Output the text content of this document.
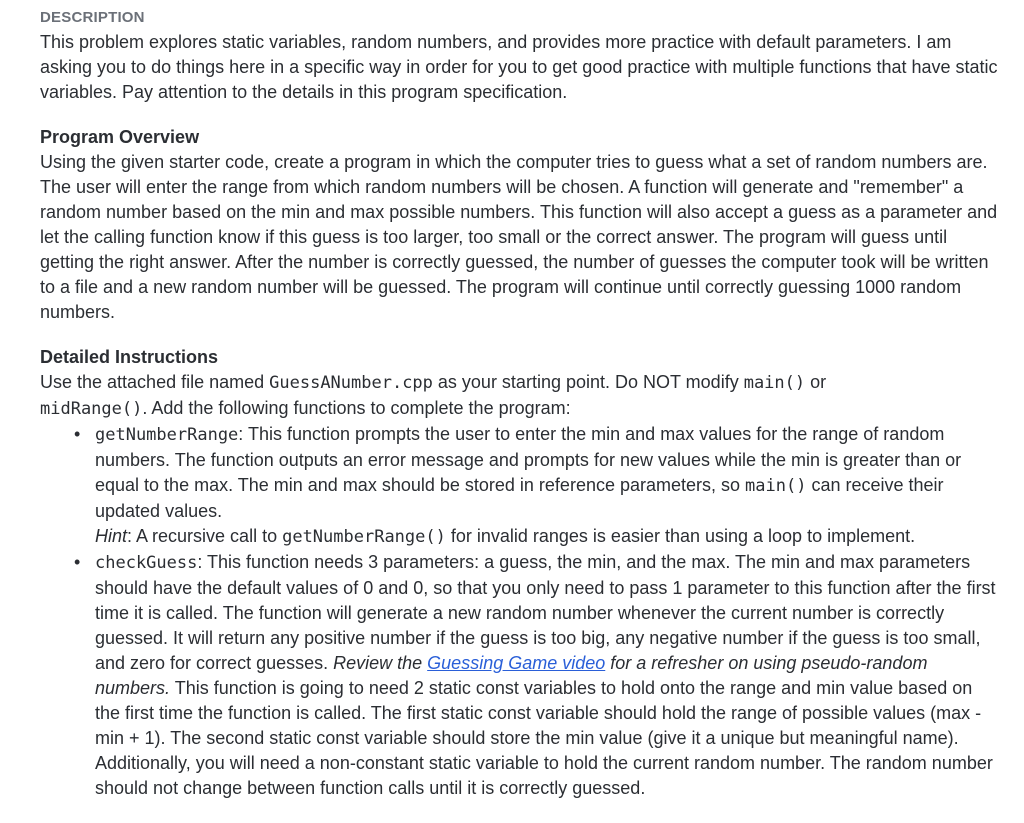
DESCRIPTION

This problem explores static variables, random numbers, and provides more practice with default parameters. I am asking you to do things here in a specific way in order for you to get good practice with multiple functions that have static variables. Pay attention to the details in this program specification.

Program Overview

Using the given starter code, create a program in which the computer tries to guess what a set of random numbers are. The user will enter the range from which random numbers will be chosen. A function will generate and "remember" a random number based on the min and max possible numbers. This function will also accept a guess as a parameter and let the calling function know if this guess is too larger, too small or the correct answer. The program will guess until getting the right answer. After the number is correctly guessed, the number of guesses the computer took will be written to a file and a new random number will be guessed. The program will continue until correctly guessing 1000 random numbers.

Detailed Instructions

Use the attached file named GuessANumber.cpp as your starting point. Do NOT modify main() or
midRange(). Add the following functions to complete the program:

• getNumberRange: This function prompts the user to enter the min and max values for the range of random numbers. The function outputs an error message and prompts for new values while the min is greater than or equal to the max. The min and max should be stored in reference parameters, so main() can receive their updated values.
Hint: A recursive call to getNumberRange() for invalid ranges is easier than using a loop to implement.
• checkGuess: This function needs 3 parameters: a guess, the min, and the max. The min and max parameters should have the default values of 0 and 0, so that you only need to pass 1 parameter to this function after the first time it is called. The function will generate a new random number whenever the current number is correctly guessed. It will return any positive number if the guess is too big, any negative number if the guess is too small, and zero for correct guesses. Review the Guessing Game video for a refresher on using pseudo-random numbers. This function is going to need 2 static const variables to hold onto the range and min value based on the first time the function is called. The first static const variable should hold the range of possible values (max - min + 1). The second static const variable should store the min value (give it a unique but meaningful name). Additionally, you will need a non-constant static variable to hold the current random number. The random number should not change between function calls until it is correctly guessed.
